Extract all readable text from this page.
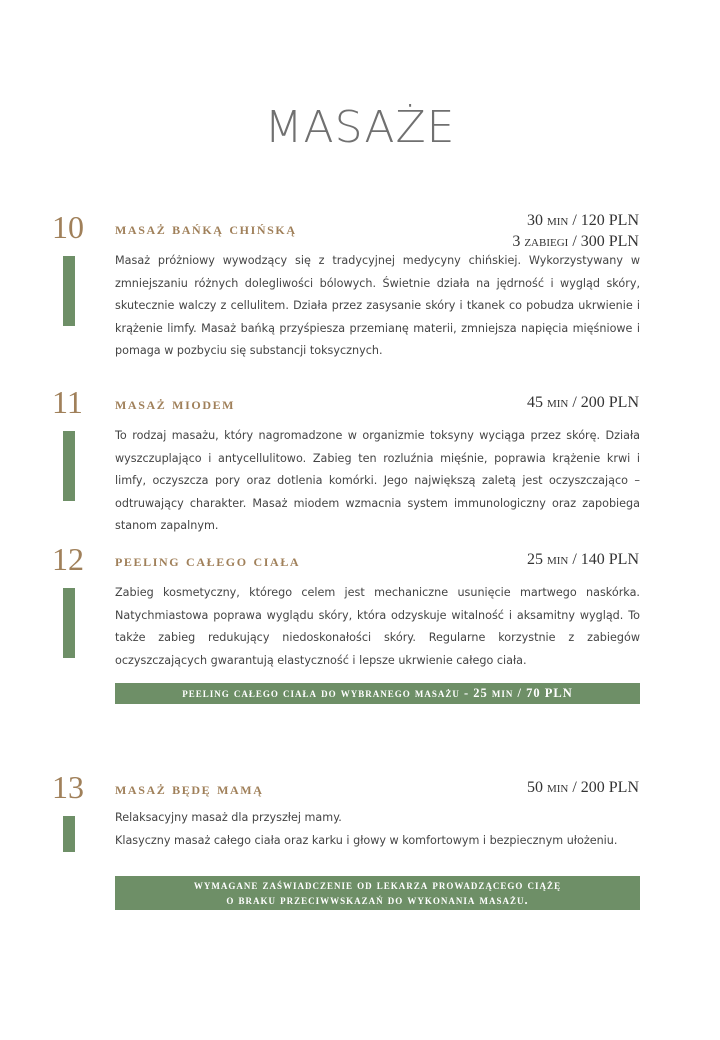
MASAŻE
10 masaż bańką chińską	30 min / 120 PLN
3 zabiegi / 300 PLN

Masaż próżniowy wywodzący się z tradycyjnej medycyny chińskiej. Wykorzystywany w zmniejszaniu różnych dolegliwości bólowych. Świetnie działa na jędrność i wygląd skóry, skutecznie walczy z cellulitem. Działa przez zasysanie skóry i tkanek co pobudza ukrwienie i krążenie limfy. Masaż bańką przyśpiesza przemianę materii, zmniejsza napięcia mięśniowe i pomaga w pozbyciu się substancji toksycznych.

11 masaż miodem	45 min / 200 PLN

To rodzaj masażu, który nagromadzone w organizmie toksyny wyciąga przez skórę. Działa wyszczuplająco i antycellulitowo. Zabieg ten rozluźnia mięśnie, poprawia krążenie krwi i limfy, oczyszcza pory oraz dotlenia komórki. Jego największą zaletą jest oczyszczająco – odtruwający charakter. Masaż miodem wzmacnia system immunologiczny oraz zapobiega stanom zapalnym.

12 peeling całego ciała	25 min / 140 PLN

Zabieg kosmetyczny, którego celem jest mechaniczne usunięcie martwego naskórka. Natychmiastowa poprawa wyglądu skóry, która odzyskuje witalność i aksamitny wygląd. To także zabieg redukujący niedoskonałości skóry. Regularne korzystnie z zabiegów oczyszczających gwarantują elastyczność i lepsze ukrwienie całego ciała.

peeling całego ciała do wybranego masażu - 25 min / 70 PLN
13 masaż będę mamą	50 min / 200 PLN

Relaksacyjny masaż dla przyszłej mamy.
Klasyczny masaż całego ciała oraz karku i głowy w komfortowym i bezpiecznym ułożeniu.

wymagane zaświadczenie od lekarza prowadzącego ciążę
o braku przeciwwskazań do wykonania masażu.
